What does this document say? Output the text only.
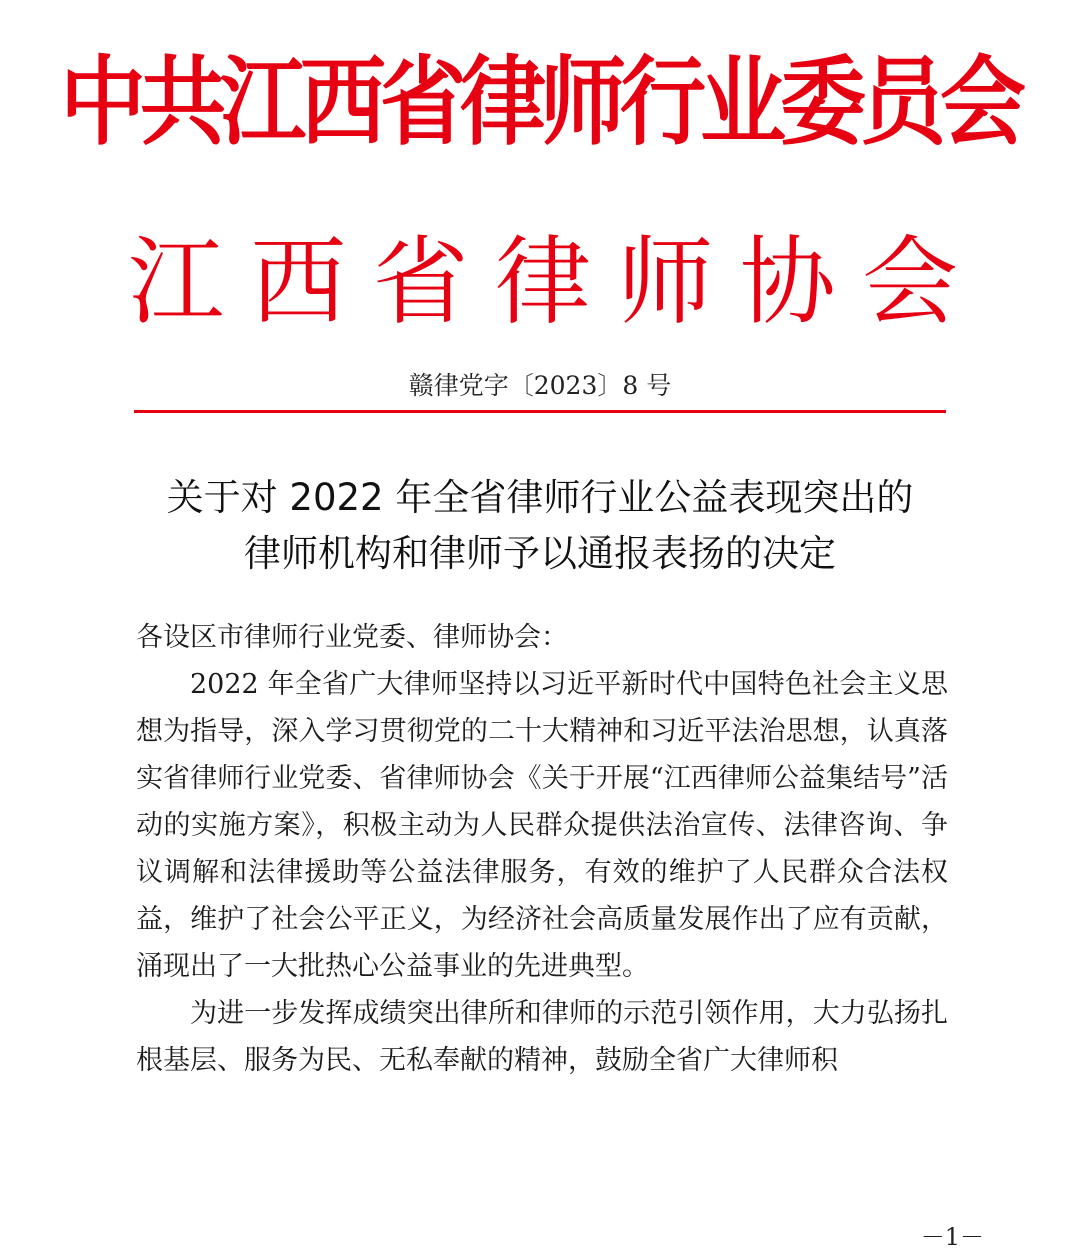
中共江西省律师行业委员会
江 西 省 律 师 协 会
赣律党字〔2023〕8 号
关于对 2022 年全省律师行业公益表现突出的
律师机构和律师予以通报表扬的决定

各设区市律师行业党委、律师协会：

2022 年全省广大律师坚持以习近平新时代中国特色社会主义思想为指导，深入学习贯彻党的二十大精神和习近平法治思想，认真落实省律师行业党委、省律师协会《关于开展“江西律师公益集结号”活动的实施方案》，积极主动为人民群众提供法治宣传、法律咨询、争议调解和法律援助等公益法律服务，有效的维护了人民群众合法权益，维护了社会公平正义，为经济社会高质量发展作出了应有贡献，涌现出了一大批热心公益事业的先进典型。

为进一步发挥成绩突出律所和律师的示范引领作用，大力弘扬扎根基层、服务为民、无私奉献的精神，鼓励全省广大律师积

－1－
